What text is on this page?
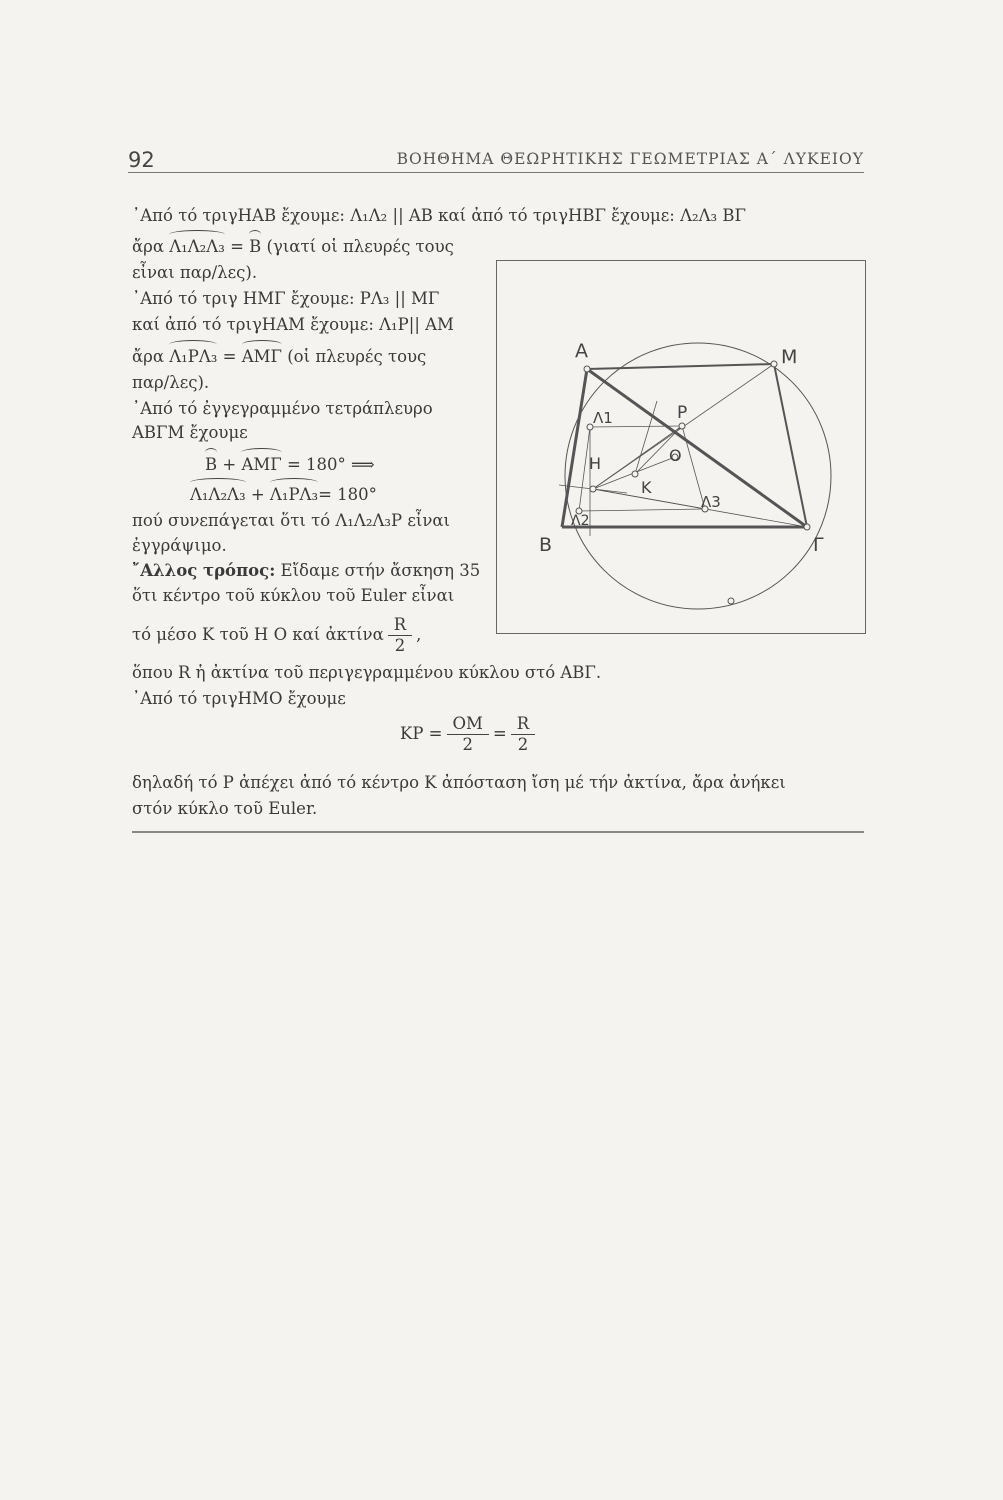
92	ΒΟΗΘΗΜΑ ΘΕΩΡΗΤΙΚΗΣ ΓΕΩΜΕΤΡΙΑΣ Α΄ ΛΥΚΕΙΟΥ
᾿Από τό τριγΗΑΒ ἔχουμε: Λ₁Λ₂ || ΑΒ καί ἀπό τό τριγΗΒΓ ἔχουμε: Λ₂Λ₃ ΒΓ
ἄρα Λ₁Λ₂Λ₃ = Β (γιατί οἱ πλευρές τους
εἶναι παρ/λες).
᾿Από τό τριγ ΗΜΓ ἔχουμε: ΡΛ₃ || ΜΓ
καί ἀπό τό τριγΗΑΜ ἔχουμε: Λ₁Ρ|| ΑΜ
ἄρα Λ₁ΡΛ₃ = ΑΜΓ (οἱ πλευρές τους
παρ/λες).
᾿Από τό ἐγγεγραμμένο τετράπλευρο
ΑΒΓΜ ἔχουμε
Β + ΑΜΓ = 180° ⟹
Λ₁Λ₂Λ₃ + Λ₁ΡΛ₃= 180°
πού συνεπάγεται ὅτι τό Λ₁Λ₂Λ₃Ρ εἶναι
ἐγγράψιμο.
῎Αλλος τρόπος: Εἴδαμε στήν ἄσκηση 35
ὅτι κέντρο τοῦ κύκλου τοῦ Euler εἶναι
τό μέσο Κ τοῦ Η Ο καί ἀκτίνα $\frac{R}{2}$ ,
ὅπου R ἡ ἀκτίνα τοῦ περιγεγραμμένου κύκλου στό ΑΒΓ.
᾿Από τό τριγΗΜΟ ἔχουμε
$KP = \frac{OM}{2} = \frac{R}{2}$
δηλαδή τό Ρ ἀπέχει ἀπό τό κέντρο Κ ἀπόσταση ἴση μέ τήν ἀκτίνα, ἄρα ἀνήκει
στόν κύκλο τοῦ Euler.
Α	Μ
Β	Γ
Λ1	Ρ
Η	Ο
Κ
Λ3
Λ2
